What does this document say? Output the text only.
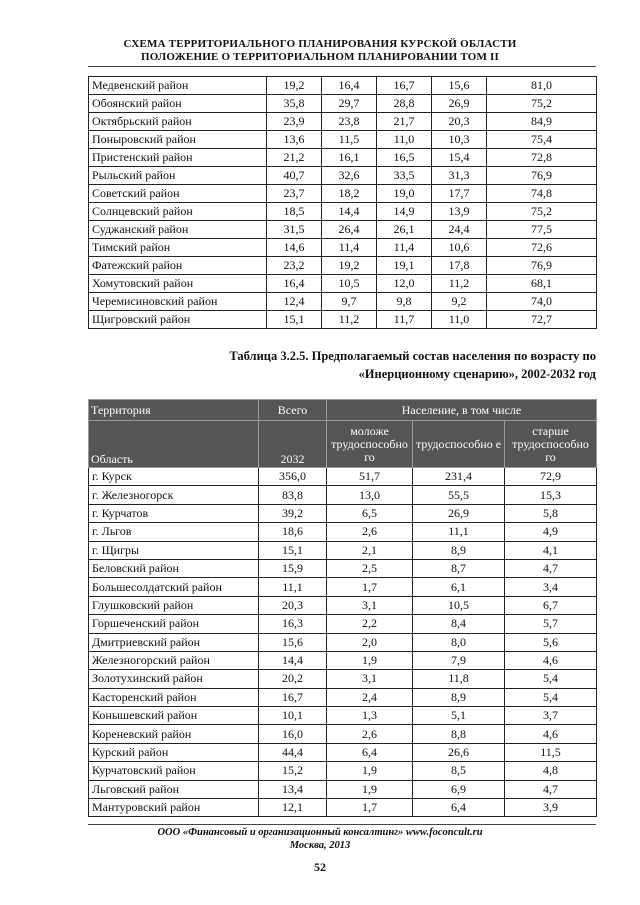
СХЕМА ТЕРРИТОРИАЛЬНОГО ПЛАНИРОВАНИЯ КУРСКОЙ ОБЛАСТИ
ПОЛОЖЕНИЕ О ТЕРРИТОРИАЛЬНОМ ПЛАНИРОВАНИИ ТОМ II
Медвенский район	19,2	16,4	16,7	15,6	81,0
Обоянский район	35,8	29,7	28,8	26,9	75,2
Октябрьский район	23,9	23,8	21,7	20,3	84,9
Поныровский район	13,6	11,5	11,0	10,3	75,4
Пристенский район	21,2	16,1	16,5	15,4	72,8
Рыльский район	40,7	32,6	33,5	31,3	76,9
Советский район	23,7	18,2	19,0	17,7	74,8
Солнцевский район	18,5	14,4	14,9	13,9	75,2
Суджанский район	31,5	26,4	26,1	24,4	77,5
Тимский район	14,6	11,4	11,4	10,6	72,6
Фатежский район	23,2	19,2	19,1	17,8	76,9
Хомутовский район	16,4	10,5	12,0	11,2	68,1
Черемисиновский район	12,4	9,7	9,8	9,2	74,0
Щигровский район	15,1	11,2	11,7	11,0	72,7
Таблица 3.2.5. Предполагаемый состав населения по возрасту по
«Инерционному сценарию», 2002-2032 год
Территория	Всего	Население, в том числе		
Область	2032	моложе трудоспособно го	трудоспособно е	старше трудоспособно го
г. Курск	356,0	51,7	231,4	72,9
г. Железногорск	83,8	13,0	55,5	15,3
г. Курчатов	39,2	6,5	26,9	5,8
г. Льгов	18,6	2,6	11,1	4,9
г. Щигры	15,1	2,1	8,9	4,1
Беловский район	15,9	2,5	8,7	4,7
Большесолдатский район	11,1	1,7	6,1	3,4
Глушковский район	20,3	3,1	10,5	6,7
Горшеченский район	16,3	2,2	8,4	5,7
Дмитриевский район	15,6	2,0	8,0	5,6
Железногорский район	14,4	1,9	7,9	4,6
Золотухинский район	20,2	3,1	11,8	5,4
Касторенский район	16,7	2,4	8,9	5,4
Конышевский район	10,1	1,3	5,1	3,7
Кореневский район	16,0	2,6	8,8	4,6
Курский район	44,4	6,4	26,6	11,5
Курчатовский район	15,2	1,9	8,5	4,8
Льговский район	13,4	1,9	6,9	4,7
Мантуровский район	12,1	1,7	6,4	3,9
ООО «Финансовый и организационный консалтинг» www.foconcult.ru
Москва, 2013
52
